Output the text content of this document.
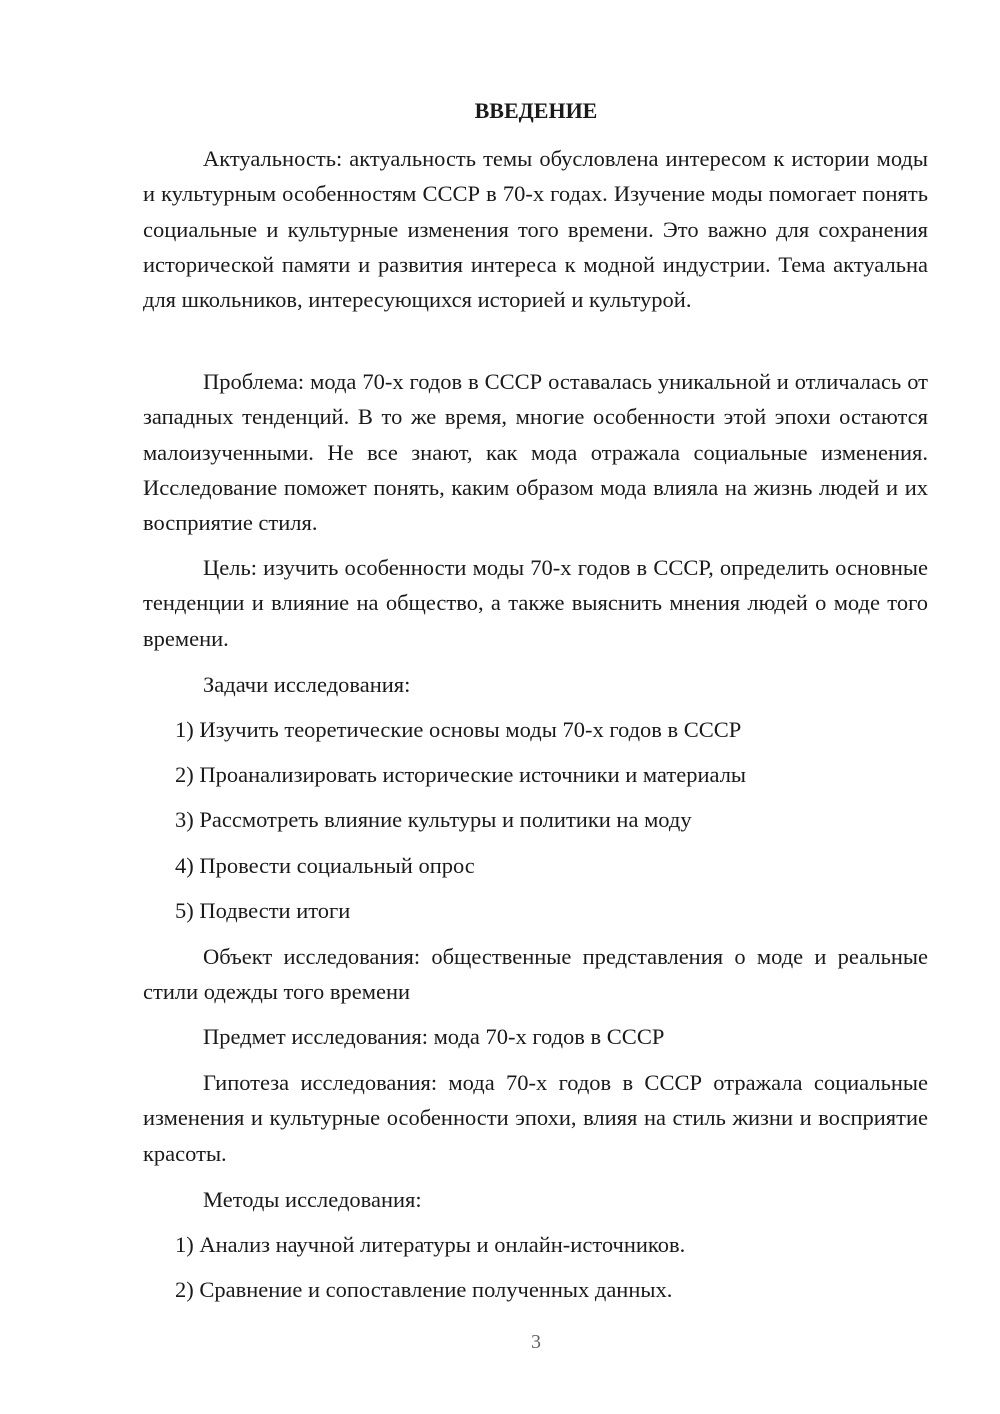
ВВЕДЕНИЕ

Актуальность: актуальность темы обусловлена интересом к истории моды и культурным особенностям СССР в 70-х годах. Изучение моды помогает понять социальные и культурные изменения того времени. Это важно для сохранения исторической памяти и развития интереса к модной индустрии. Тема актуальна для школьников, интересующихся историей и культурой.

Проблема: мода 70-х годов в СССР оставалась уникальной и отличалась от западных тенденций. В то же время, многие особенности этой эпохи остаются малоизученными. Не все знают, как мода отражала социальные изменения. Исследование поможет понять, каким образом мода влияла на жизнь людей и их восприятие стиля.

Цель: изучить особенности моды 70-х годов в СССР, определить основные тенденции и влияние на общество, а также выяснить мнения людей о моде того времени.

Задачи исследования:

1) Изучить теоретические основы моды 70-х годов в СССР

2) Проанализировать исторические источники и материалы

3) Рассмотреть влияние культуры и политики на моду

4) Провести социальный опрос

5) Подвести итоги

Объект исследования: общественные представления о моде и реальные стили одежды того времени

Предмет исследования: мода 70-х годов в СССР

Гипотеза исследования: мода 70-х годов в СССР отражала социальные изменения и культурные особенности эпохи, влияя на стиль жизни и восприятие красоты.

Методы исследования:

1) Анализ научной литературы и онлайн-источников.

2) Сравнение и сопоставление полученных данных.

3
